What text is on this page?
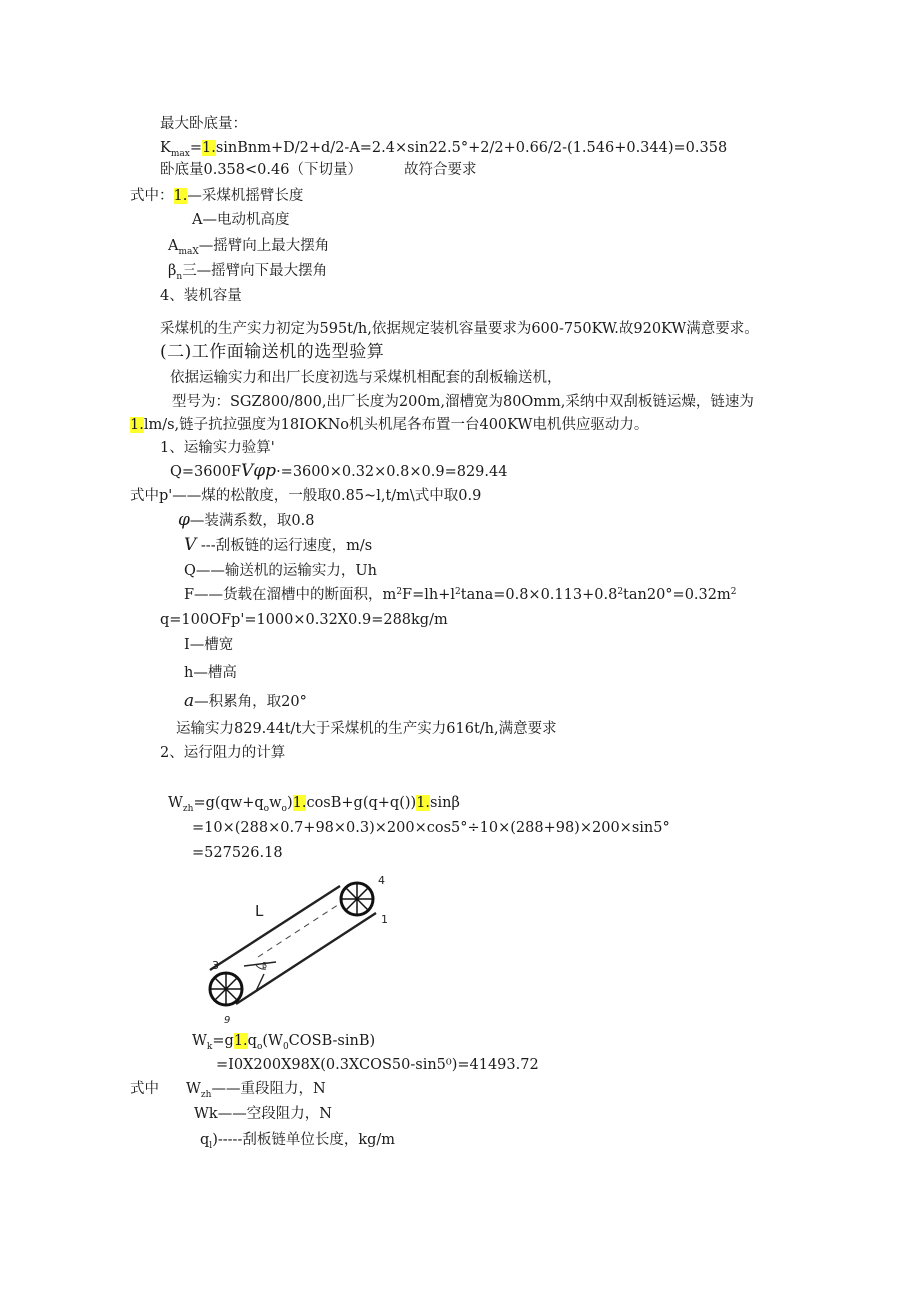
最大卧底量：
$K_{max}=1.sinBnm+D/2+d/2-A=2.4\times\sin 22.5^\circ+2/2+0.66/2-(1.546+0.344)=0.358$
卧底量0.358<0.46（下切量）	故符合要求
式中：1.—采煤机摇臂长度
A—电动机高度
$A_{maX}—$摇臂向上最大摆角
$\beta_n$三—摇臂向下最大摆角
4、装机容量
采煤机的生产实力初定为595t/h,依据规定装机容量要求为600-750KW.故920KW满意要求。
(二)工作面输送机的选型验算
依据运输实力和出厂长度初选与采煤机相配套的刮板输送机，
型号为：SGZ800/800,出厂长度为200m,溜槽宽为80Omm,采纳中双刮板链运燥，链速为
1.lm/s,链子抗拉强度为18IOKNo机头机尾各布置一台400KW电机供应驱动力。
1、运输实力验算'
Q=3600FVφp·=3600×0.32×0.8×0.9=829.44
式中p'——煤的松散度，一般取0.85~l,t/m\式中取0.9
φ—装满系数，取0.8
V ---刮板链的运行速度，m/s
Q——输送机的运输实力，Uh
F——货载在溜槽中的断面积，$m^2F=lh+l^2\tan a=0.8\times 0.113+0.8^2\tan 20^\circ=0.32m^2$
q=100OFp'=1000×0.32X0.9=288kg/m
I—槽宽
h—槽高
a—积累角，取20°
运输实力829.44t/t大于采煤机的生产实力616t/h,满意要求
2、运行阻力的计算
$W_{zh}=g(qw+q_ow_o)1.\cos B+g(q+q())1.\sin\beta$
=10×(288×0.7+98×0.3)×200×cos5°÷10×(288+98)×200×sin5°
=527526.18
L	1
4
3	β
9
$W_k=g1.q_o(W_0COSB-\sin B)$
=I0X200X98X(0.3XCOS50-sin5⁰)=41493.72
式中 $W_{zh}——$重段阻力，N
Wk——空段阻力，N
$q_l)-----$刮板链单位长度，kg/m
